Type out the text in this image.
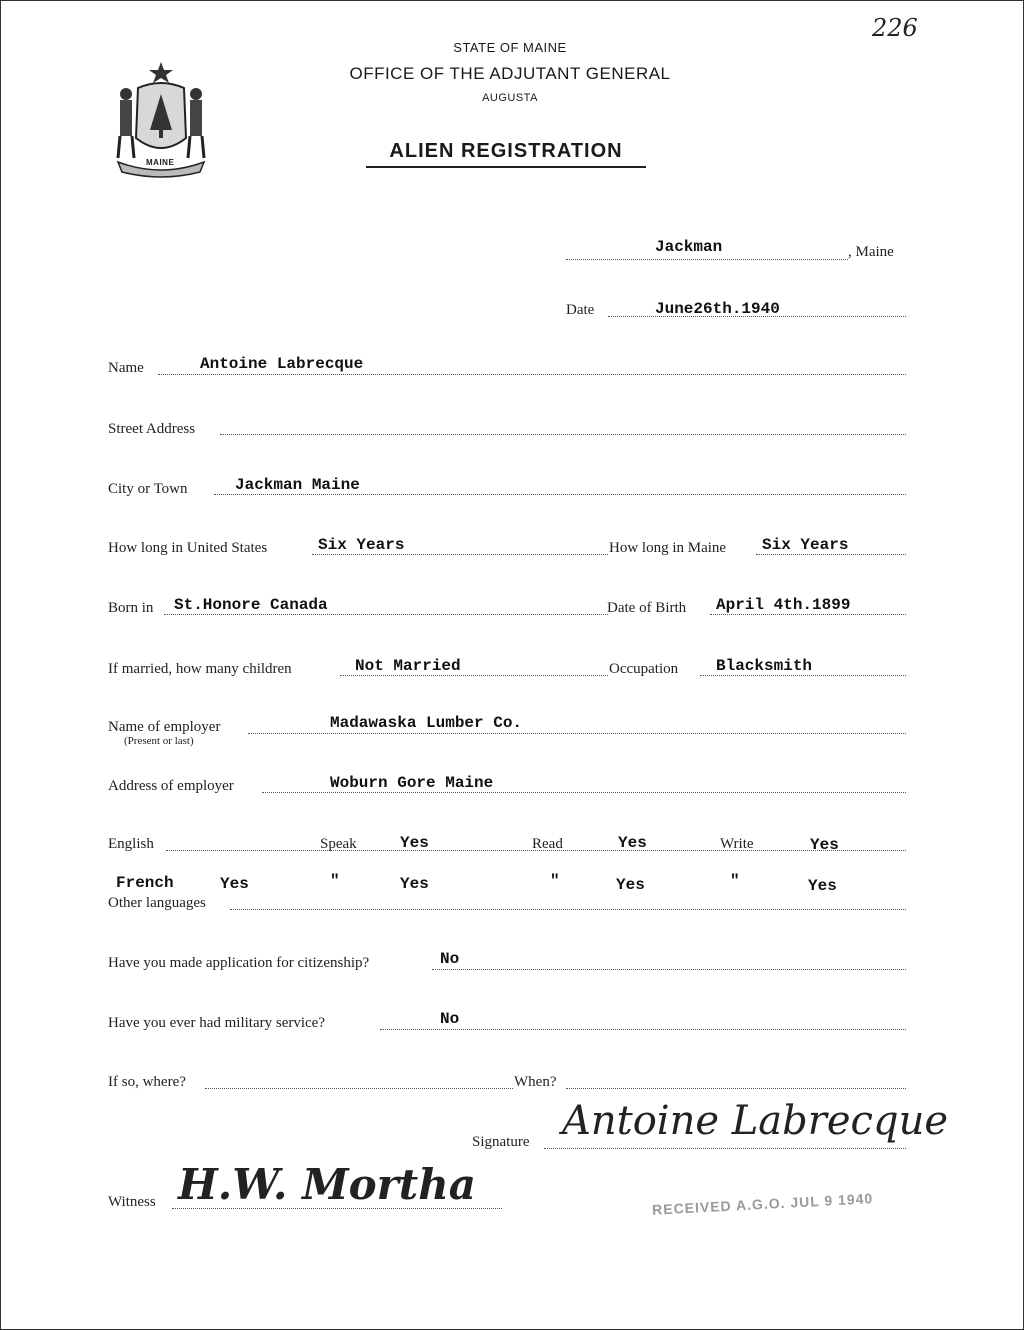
226
MAINE
STATE OF MAINE
OFFICE OF THE ADJUTANT GENERAL
AUGUSTA
ALIEN REGISTRATION
Jackman	, Maine
Date	June26th.1940
Name	Antoine Labrecque
Street Address
City or Town	Jackman Maine
How long in United States	Six Years	How long in Maine Six Years
Born in St.Honore Canada	Date of Birth April 4th.1899
If married, how many children	Not Married	Occupation Blacksmith
Name of employer
(Present or last)
Madawaska Lumber Co.
Address of employer	Woburn Gore Maine
English	Speak	Yes	Read	Yes	Write	Yes
French	Yes	"	Yes	"	Yes	"	Yes
Other languages
Have you made application for citizenship?	No
Have you ever had military service?	No
If so, where?	When?
Signature Antoine Labrecque
Witness H.W. Mortha	RECEIVED A.G.O. JUL 9 1940
